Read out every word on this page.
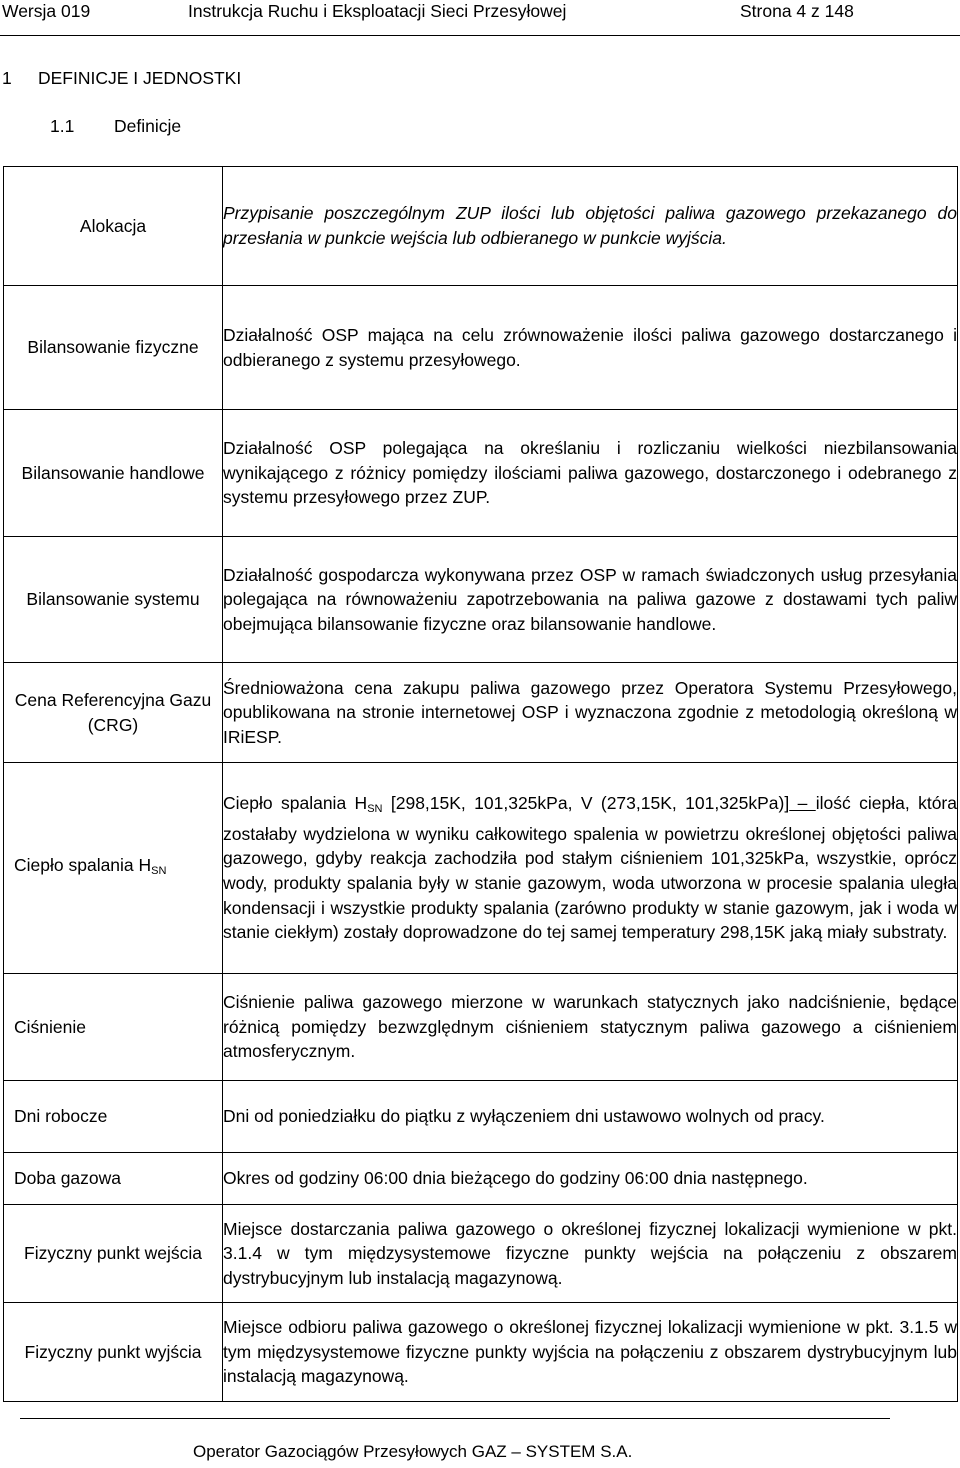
Wersja 019	Instrukcja Ruchu i Eksploatacji Sieci Przesyłowej	Strona 4 z 148
1 DEFINICJE I JEDNOSTKI
1.1 Definicje
Alokacja	Przypisanie poszczególnym ZUP ilości lub objętości paliwa gazowego przekazanego do przesłania w punkcie wejścia lub odbieranego w punkcie wyjścia.
Bilansowanie fizyczne	Działalność OSP mająca na celu zrównoważenie ilości paliwa gazowego dostarczanego i odbieranego z systemu przesyłowego.
Bilansowanie handlowe	Działalność OSP polegająca na określaniu i rozliczaniu wielkości niezbilansowania wynikającego z różnicy pomiędzy ilościami paliwa gazowego, dostarczonego i odebranego z systemu przesyłowego przez ZUP.
Bilansowanie systemu	Działalność gospodarcza wykonywana przez OSP w ramach świadczonych usług przesyłania polegająca na równoważeniu zapotrzebowania na paliwa gazowe z dostawami tych paliw obejmująca bilansowanie fizyczne oraz bilansowanie handlowe.
Cena Referencyjna Gazu (CRG)	Średnioważona cena zakupu paliwa gazowego przez Operatora Systemu Przesyłowego, opublikowana na stronie internetowej OSP i wyznaczona zgodnie z metodologią określoną w IRiESP.
Ciepło spalania $H_{SN}$	Ciepło spalania $H_{SN}$ [298,15K, 101,325kPa, V (273,15K, 101,325kPa)] – ilość ciepła, która zostałaby wydzielona w wyniku całkowitego spalenia w powietrzu określonej objętości paliwa gazowego, gdyby reakcja zachodziła pod stałym ciśnieniem 101,325kPa, wszystkie, oprócz wody, produkty spalania były w stanie gazowym, woda utworzona w procesie spalania uległa kondensacji i wszystkie produkty spalania (zarówno produkty w stanie gazowym, jak i woda w stanie ciekłym) zostały doprowadzone do tej samej temperatury 298,15K jaką miały substraty.
Ciśnienie	Ciśnienie paliwa gazowego mierzone w warunkach statycznych jako nadciśnienie, będące różnicą pomiędzy bezwzględnym ciśnieniem statycznym paliwa gazowego a ciśnieniem atmosferycznym.
Dni robocze	Dni od poniedziałku do piątku z wyłączeniem dni ustawowo wolnych od pracy.
Doba gazowa	Okres od godziny 06:00 dnia bieżącego do godziny 06:00 dnia następnego.
Fizyczny punkt wejścia	Miejsce dostarczania paliwa gazowego o określonej fizycznej lokalizacji wymienione w pkt. 3.1.4 w tym międzysystemowe fizyczne punkty wejścia na połączeniu z obszarem dystrybucyjnym lub instalacją magazynową.
Fizyczny punkt wyjścia	Miejsce odbioru paliwa gazowego o określonej fizycznej lokalizacji wymienione w pkt. 3.1.5 w tym międzysystemowe fizyczne punkty wyjścia na połączeniu z obszarem dystrybucyjnym lub instalacją magazynową.
Operator Gazociągów Przesyłowych GAZ – SYSTEM S.A.
